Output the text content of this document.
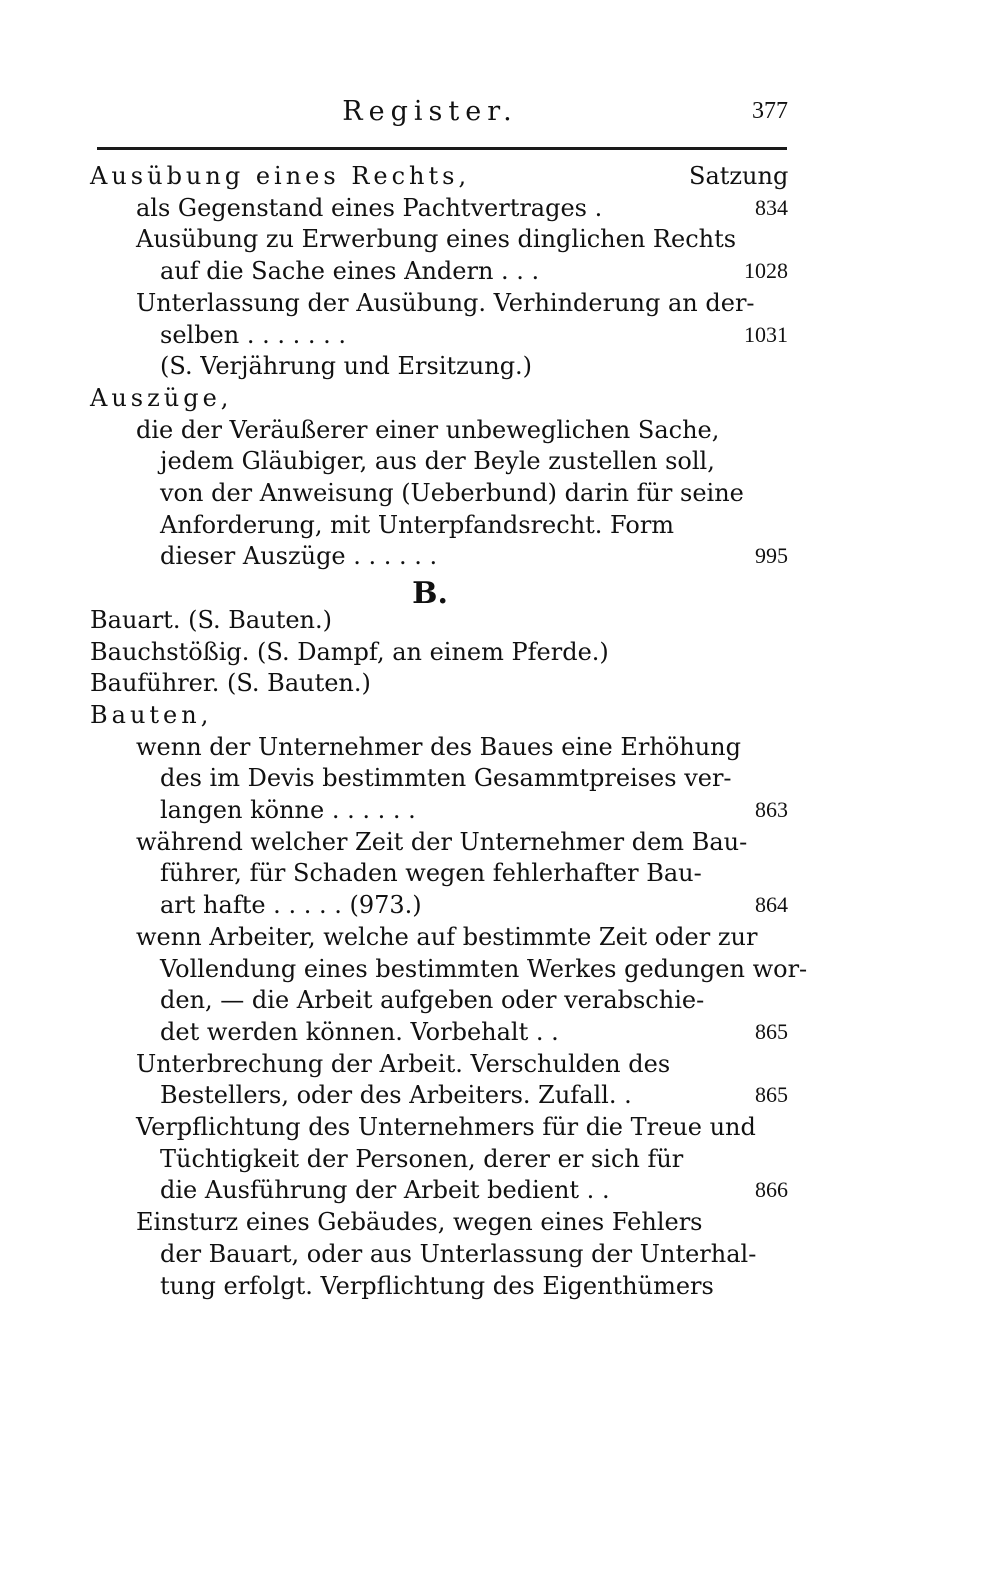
Register.	377
Ausübung eines Rechts,	Satzung
als Gegenstand eines Pachtvertrages .	834
Ausübung zu Erwerbung eines dinglichen Rechts
auf die Sache eines Andern . . .	1028
Unterlassung der Ausübung. Verhinderung an der-
selben . . . . . . .	1031
(S. Verjährung und Ersitzung.)
Auszüge,
die der Veräußerer einer unbeweglichen Sache,
jedem Gläubiger, aus der Beyle zustellen soll,
von der Anweisung (Ueberbund) darin für seine
Anforderung, mit Unterpfandsrecht. Form
dieser Auszüge . . . . . .	995
B.
Bauart. (S. Bauten.)
Bauchstößig. (S. Dampf, an einem Pferde.)
Bauführer. (S. Bauten.)
Bauten,
wenn der Unternehmer des Baues eine Erhöhung
des im Devis bestimmten Gesammtpreises ver-
langen könne . . . . . .	863
während welcher Zeit der Unternehmer dem Bau-
führer, für Schaden wegen fehlerhafter Bau-
art hafte . . . . . (973.)	864
wenn Arbeiter, welche auf bestimmte Zeit oder zur
Vollendung eines bestimmten Werkes gedungen wor-
den, — die Arbeit aufgeben oder verabschie-
det werden können. Vorbehalt . .	865
Unterbrechung der Arbeit. Verschulden des
Bestellers, oder des Arbeiters. Zufall. .	865
Verpflichtung des Unternehmers für die Treue und
Tüchtigkeit der Personen, derer er sich für
die Ausführung der Arbeit bedient . .	866
Einsturz eines Gebäudes, wegen eines Fehlers
der Bauart, oder aus Unterlassung der Unterhal-
tung erfolgt. Verpflichtung des Eigenthümers
